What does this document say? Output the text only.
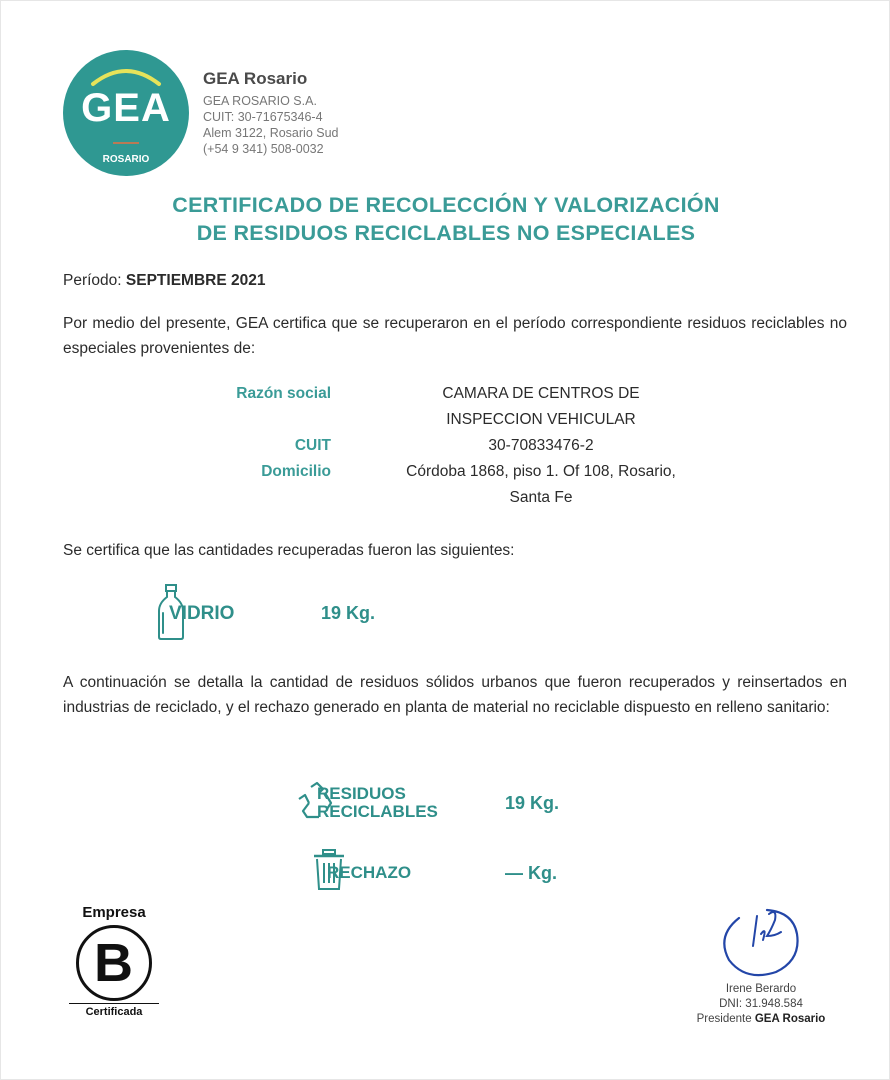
GEA
ROSARIO
GEA Rosario
GEA ROSARIO S.A.
CUIT: 30-71675346-4
Alem 3122, Rosario Sud
(+54 9 341) 508-0032
CERTIFICADO DE RECOLECCIÓN Y VALORIZACIÓN
DE RESIDUOS RECICLABLES NO ESPECIALES
Período: SEPTIEMBRE 2021
Por medio del presente, GEA certifica que se recuperaron en el período correspondiente residuos reciclables no especiales provenientes de:
Razón social	CAMARA DE CENTROS DE
INSPECCION VEHICULAR
CUIT	30-70833476-2
Domicilio	Córdoba 1868, piso 1. Of 108, Rosario,
Santa Fe
Se certifica que las cantidades recuperadas fueron las siguientes:
VIDRIO	19 Kg.
A continuación se detalla la cantidad de residuos sólidos urbanos que fueron recuperados y reinsertados en industrias de reciclado, y el rechazo generado en planta de material no reciclable dispuesto en relleno sanitario:
RESIDUOS
RECICLABLES	19 Kg.
RECHAZO	— Kg.
Empresa
B
Certificada
Irene Berardo
DNI: 31.948.584
Presidente GEA Rosario
